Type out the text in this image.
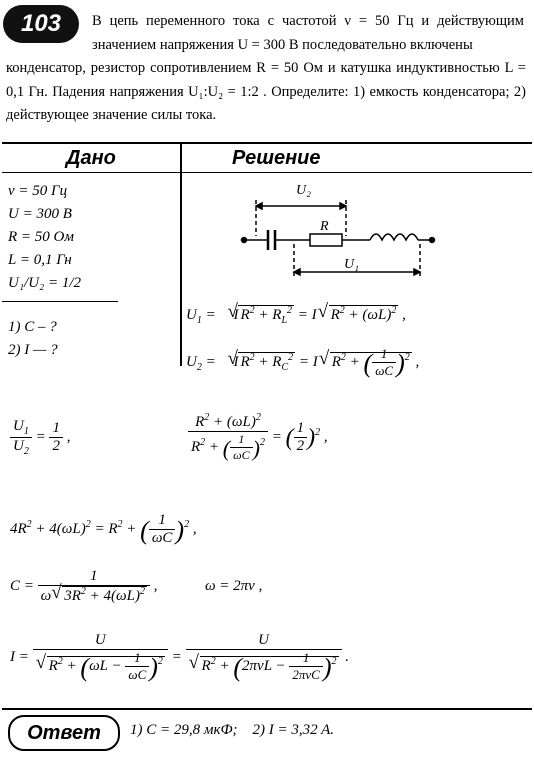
103	В цепь переменного тока с частотой ν = 50 Гц и действующим значением напряжения U = 300 В последовательно включены
конденсатор, резистор сопротивлением R = 50 Ом и катушка индуктивностью L = 0,1 Гн. Падения напряжения U₁:U₂ = 1:2 . Определите: 1) емкость конденсатора; 2) действующее значение силы тока.
Дано	Решение
ν = 50 Гц
U = 300 В
R = 50 Ом
L = 0,1 Гн
U₁/U₂ = 1/2
1) C – ?
2) I — ?
U₂
R
U₁
$U_1 = I√$ $R^2 + R_L^2 = I√$ $R^2 + (\omega L)^2$ ,
$U_2 = I√$ $R^2 + R_C^2 = I√$ $R^2$ + ( $\frac{1}{\omega C} )^2$ ,
$\frac{U_1}{U_2} = \frac{1}{2}$ ,	$\frac{R^2 + (\omega L)^2}{R^2 + ( \frac{1}{\omega C} )^2}$ = ( $\frac{1}{2} )^2$ ,
$4R^2 + 4(\omega L)^2 = R^2$ + ( $\frac{1}{\omega C} )^2$ ,
$C = \frac{1}{\omega√ 3R^2 + 4(\omega L)^2}$ ,	ω = 2πν ,
I = U
√ $R^2 + (\omega L - \frac{1}{\omega C} )^2 = U$
√ $R^2 + (2\pi\nu L - \frac{1}{\text{2πνC}} )^2$ .
Ответ 1) C = 29,8 мкФ;    2) I = 3,32 A.
